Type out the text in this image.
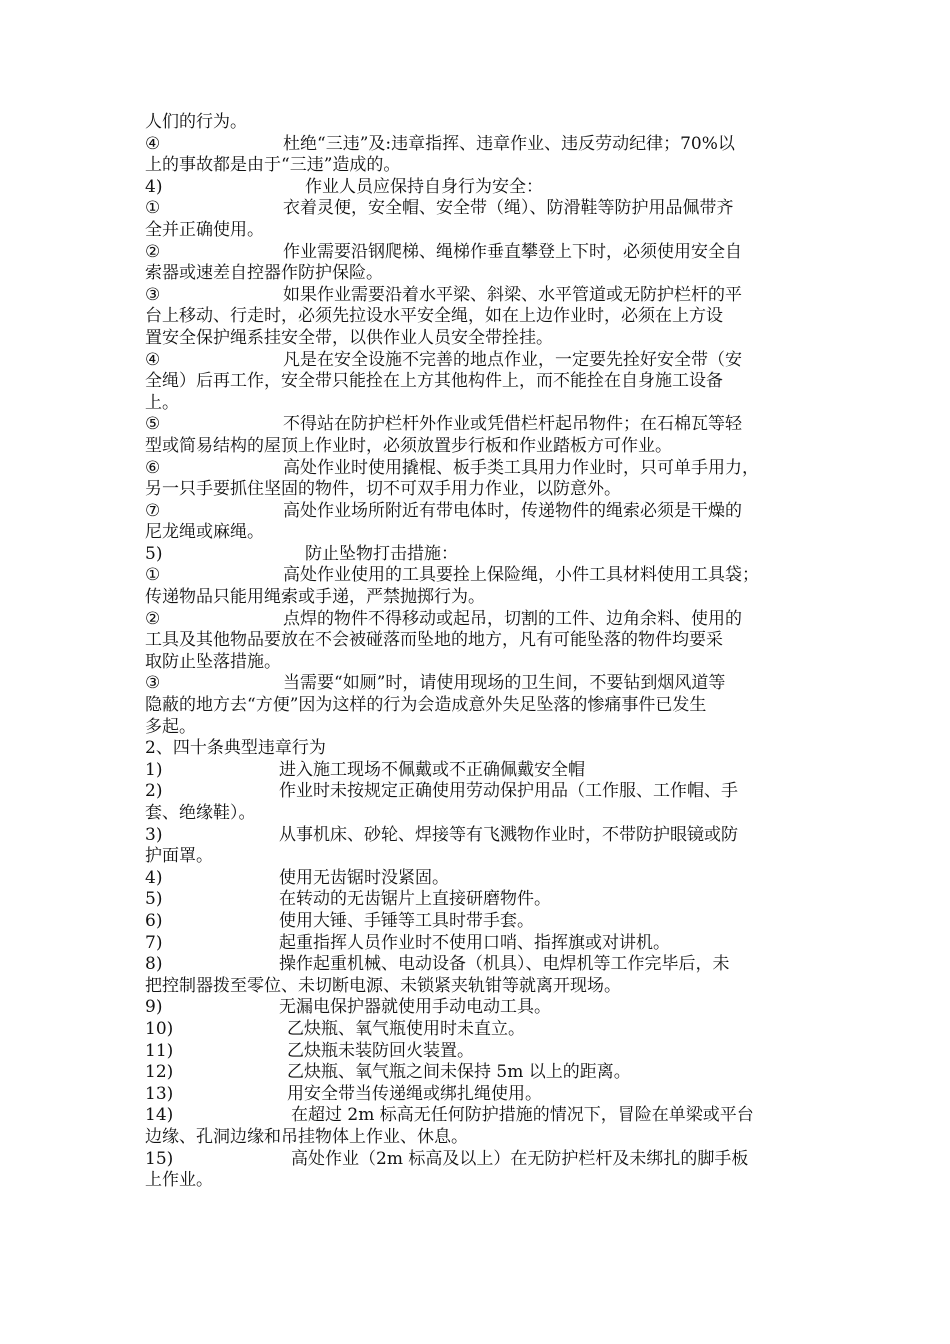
人们的行为。
④	杜绝“三违”及:违章指挥、违章作业、违反劳动纪律；70%以
上的事故都是由于“三违”造成的。
4)	作业人员应保持自身行为安全：
①	衣着灵便，安全帽、安全带（绳）、防滑鞋等防护用品佩带齐
全并正确使用。
②	作业需要沿钢爬梯、绳梯作垂直攀登上下时，必须使用安全自
索器或速差自控器作防护保险。
③	如果作业需要沿着水平梁、斜梁、水平管道或无防护栏杆的平
台上移动、行走时，必须先拉设水平安全绳，如在上边作业时，必须在上方设
置安全保护绳系挂安全带，以供作业人员安全带拴挂。
④	凡是在安全设施不完善的地点作业，一定要先拴好安全带（安
全绳）后再工作，安全带只能拴在上方其他构件上，而不能拴在自身施工设备
上。
⑤	不得站在防护栏杆外作业或凭借栏杆起吊物件；在石棉瓦等轻
型或简易结构的屋顶上作业时，必须放置步行板和作业踏板方可作业。
⑥	高处作业时使用撬棍、板手类工具用力作业时，只可单手用力，
另一只手要抓住坚固的物件，切不可双手用力作业，以防意外。
⑦	高处作业场所附近有带电体时，传递物件的绳索必须是干燥的
尼龙绳或麻绳。
5)	防止坠物打击措施：
①	高处作业使用的工具要拴上保险绳，小件工具材料使用工具袋；
传递物品只能用绳索或手递，严禁抛掷行为。
②	点焊的物件不得移动或起吊，切割的工件、边角余料、使用的
工具及其他物品要放在不会被碰落而坠地的地方，凡有可能坠落的物件均要采
取防止坠落措施。
③	当需要“如厕”时，请使用现场的卫生间，不要钻到烟风道等
隐蔽的地方去“方便”因为这样的行为会造成意外失足坠落的惨痛事件已发生
多起。
2、四十条典型违章行为
1)	进入施工现场不佩戴或不正确佩戴安全帽
2)	作业时未按规定正确使用劳动保护用品（工作服、工作帽、手
套、绝缘鞋）。
3)	从事机床、砂轮、焊接等有飞溅物作业时，不带防护眼镜或防
护面罩。
4)	使用无齿锯时没紧固。
5)	在转动的无齿锯片上直接研磨物件。
6)	使用大锤、手锤等工具时带手套。
7)	起重指挥人员作业时不使用口哨、指挥旗或对讲机。
8)	操作起重机械、电动设备（机具）、电焊机等工作完毕后，未
把控制器拨至零位、未切断电源、未锁紧夹轨钳等就离开现场。
9)	无漏电保护器就使用手动电动工具。
10)	乙炔瓶、氧气瓶使用时未直立。
11)	乙炔瓶未装防回火装置。
12)	乙炔瓶、氧气瓶之间未保持 5m 以上的距离。
13)	用安全带当传递绳或绑扎绳使用。
14)	在超过 2m 标高无任何防护措施的情况下，冒险在单梁或平台
边缘、孔洞边缘和吊挂物体上作业、休息。
15)	高处作业（2m 标高及以上）在无防护栏杆及未绑扎的脚手板
上作业。
